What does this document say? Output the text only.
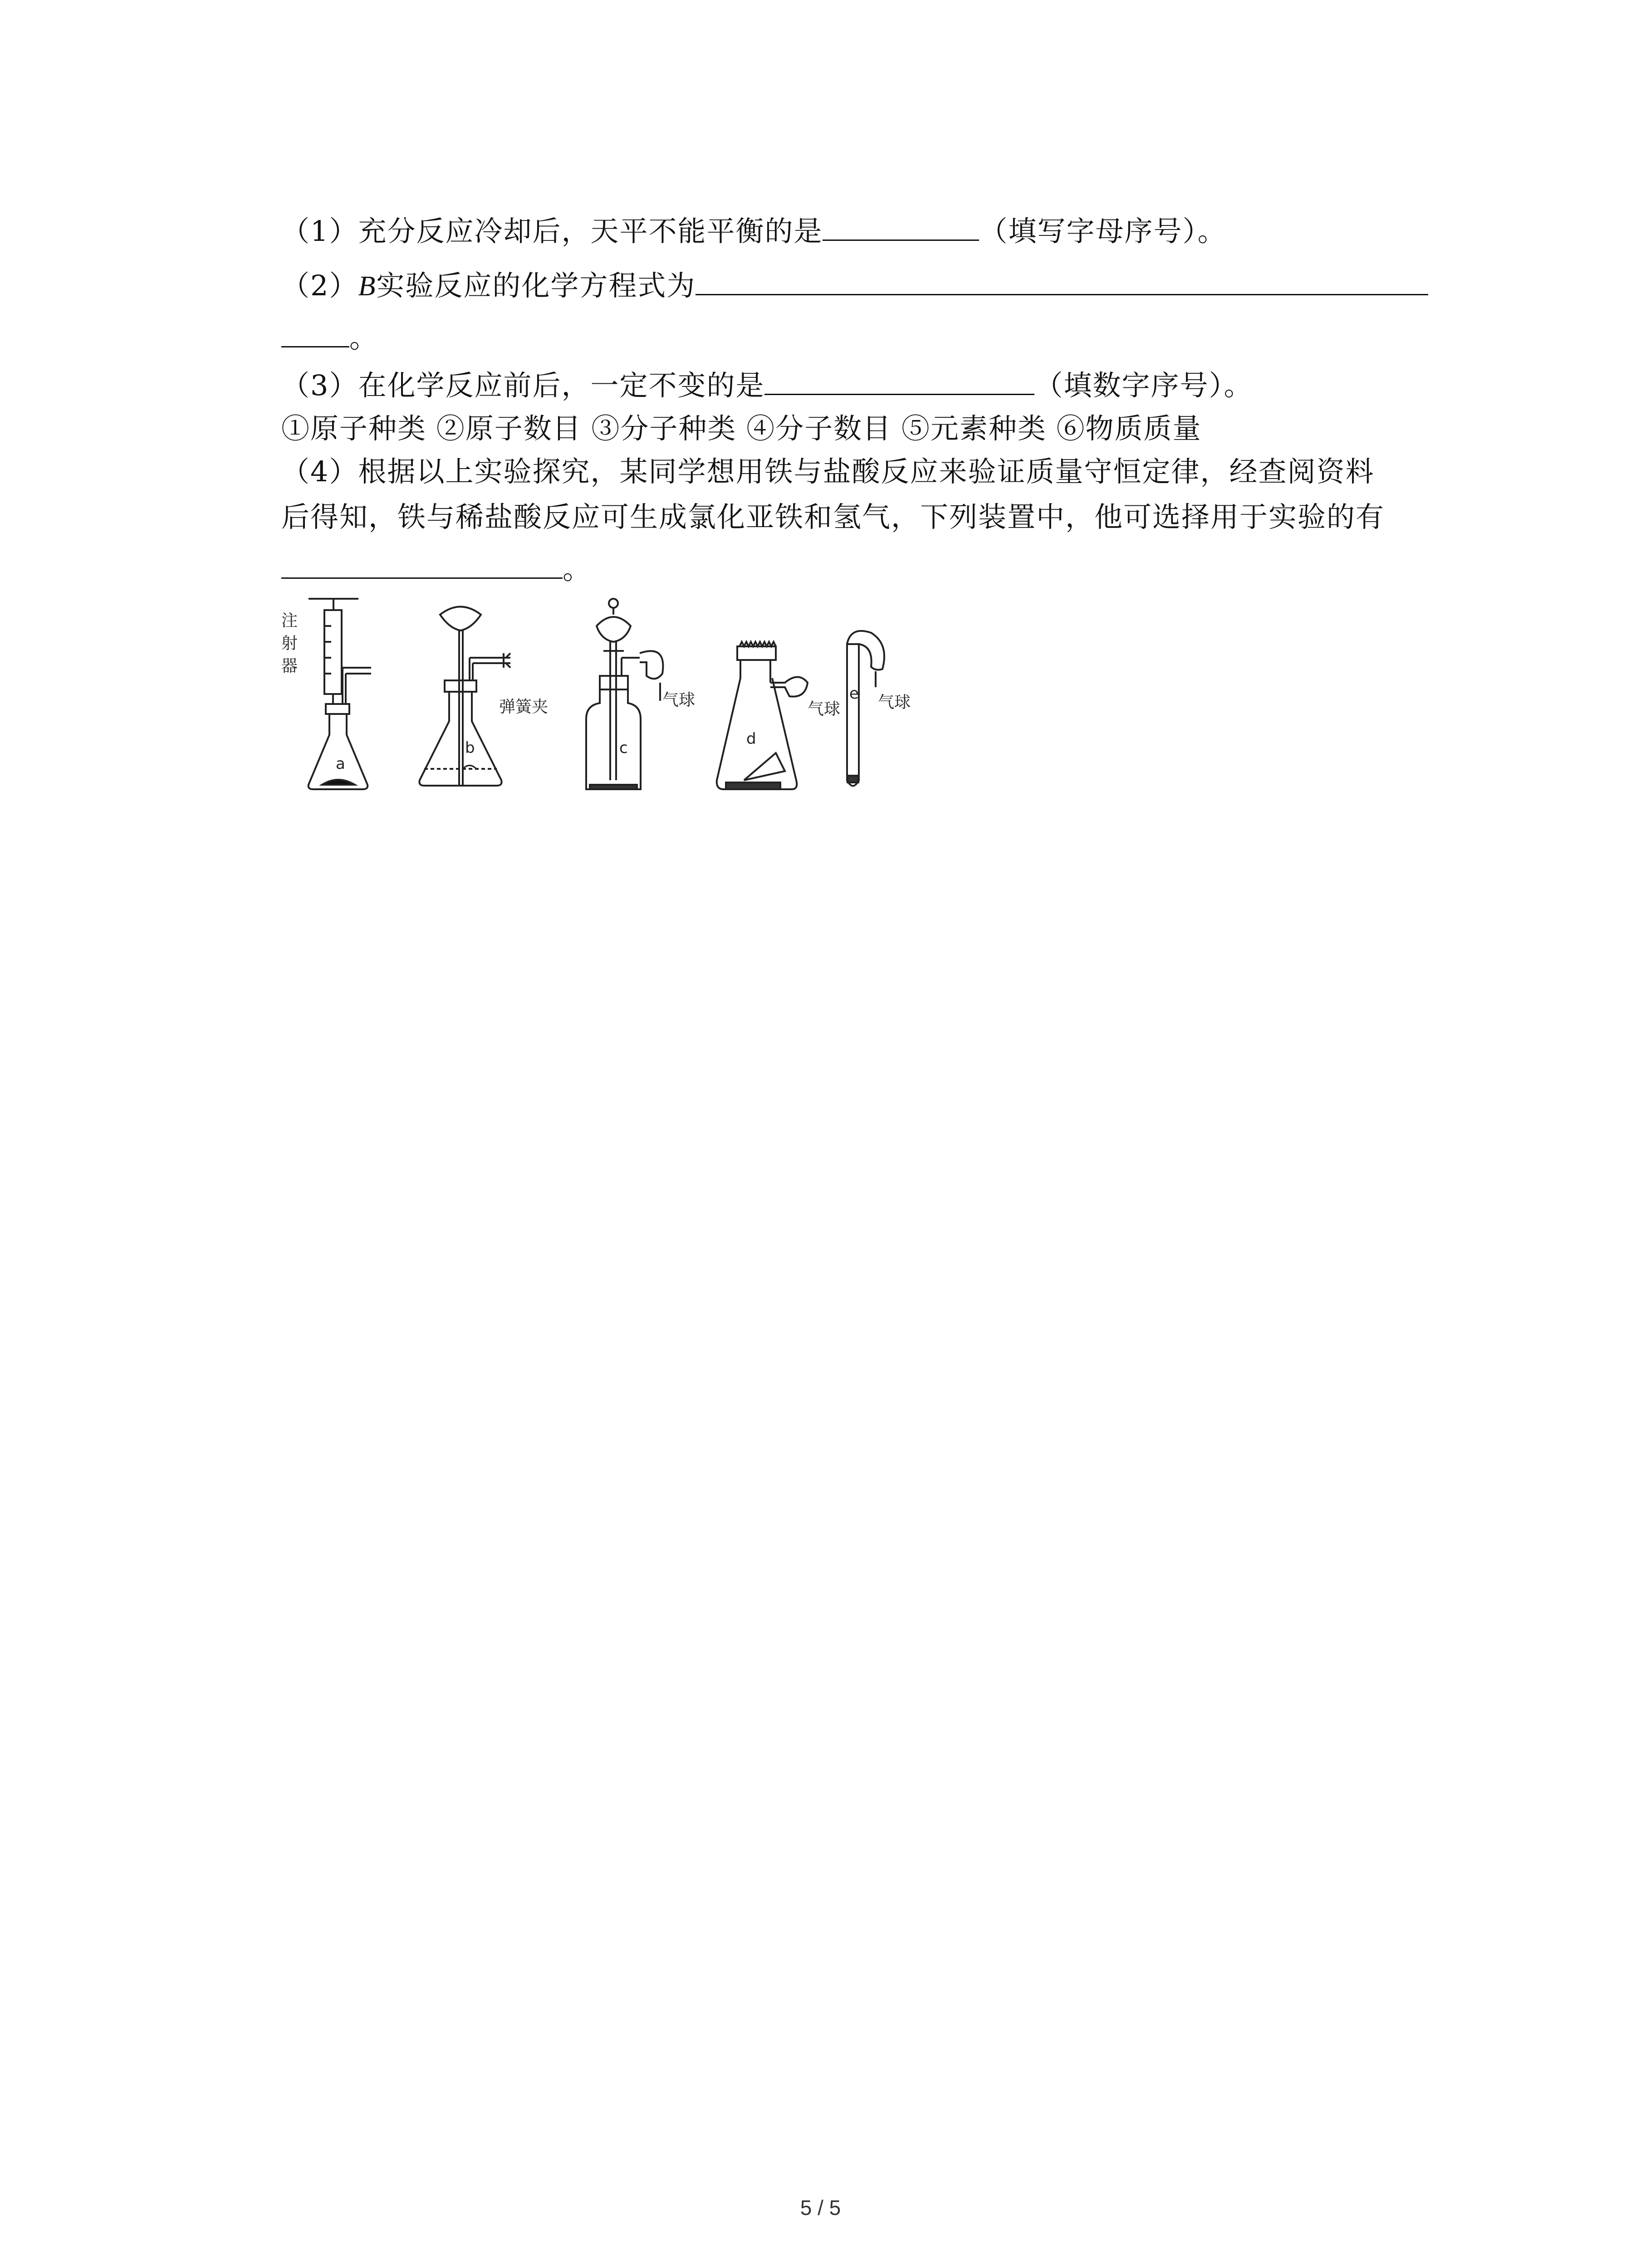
（1）充分反应冷却后，天平不能平衡的是	（填写字母序号）。
（2）B实验反应的化学方程式为
。
（3）在化学反应前后，一定不变的是	（填数字序号）。
①原子种类 ②原子数目 ③分子种类 ④分子数目 ⑤元素种类 ⑥物质质量
（4）根据以上实验探究，某同学想用铁与盐酸反应来验证质量守恒定律，经查阅资料
后得知，铁与稀盐酸反应可生成氯化亚铁和氢气，下列装置中，他可选择用于实验的有
。
注
射
器
a
b
弹簧夹
c
气球
d
气球
e 气球
5 / 5
